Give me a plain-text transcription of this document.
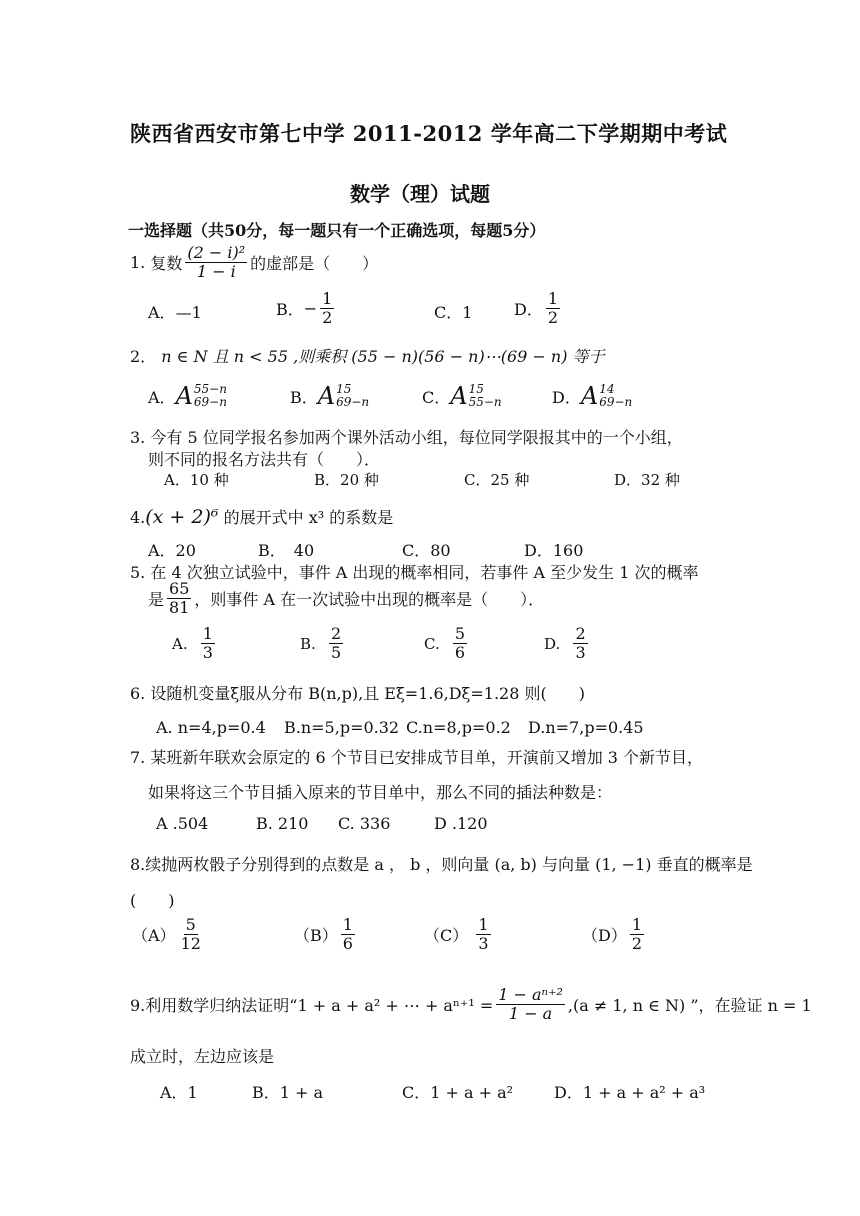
陕西省西安市第七中学 2011-2012 学年高二下学期期中考试
数学（理）试题
一选择题（共50分，每一题只有一个正确选项，每题5分）
1.
复数 $\frac{\text{(2 − i)²}}{1 - i}$ 的虚部是（　　）
A．—1	B． − $\frac{1}{2}$	C．1	D． $\frac{1}{2}$
2． n ∈ N 且 n < 55 ,则乘积 (55 − n)(56 − n)⋯(69 − n) 等于
A． A 55−n
69−n	B． A 15
69−n	C． A 15
55−n	D． A 14
69−n
3. 今有 5 位同学报名参加两个课外活动小组，每位同学限报其中的一个小组，
则不同的报名方法共有（　　）．
A．10 种	B．20 种	C．25 种	D．32 种
4.(x + 2)⁶ 的展开式中 x³ 的系数是
A．20	B．　40	C．80	D．160
5. 在 4 次独立试验中，事件 A 出现的概率相同，若事件 A 至少发生 1 次的概率
是 $\frac{65}{81}$ ，则事件 A 在一次试验中出现的概率是（　　）．
A.
$\frac{1}{3}$	B.
$\frac{2}{5}$	C.
$\frac{5}{6}$	D.
$\frac{2}{3}$
6. 设随机变量ξ服从分布 B(n,p),且 Eξ=1.6,Dξ=1.28 则(　　)
A. n=4,p=0.4 B.n=5,p=0.32 C.n=8,p=0.2 D.n=7,p=0.45
7. 某班新年联欢会原定的 6 个节目已安排成节目单，开演前又增加 3 个新节目，
如果将这三个节目插入原来的节目单中，那么不同的插法种数是：
A .504	B. 210 C. 336	D .120
8.续抛两枚骰子分别得到的点数是 a ， b ，则向量 (a, b) 与向量 (1, −1) 垂直的概率是
(　　)
$(A) \frac{5}{12}$	$(B) \frac{1}{6}$	（C）
$\frac{1}{3}$	$(D) \frac{1}{2}$
9.利用数学归纳法证明“1 + a + a² + ⋯ + $a^{n+1} = \frac{\text{1 − aⁿ⁺²}}{1 - a} ,(a \ne 1$, n ∈ N) ”，在验证 n = 1
成立时，左边应该是
A．1	B．1 + a	C．1 + a + a²	D．1 + a + a² + a³
